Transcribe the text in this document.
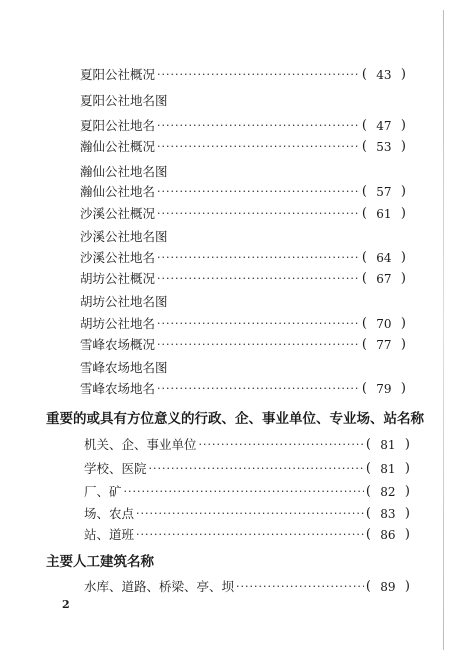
夏阳公社概况 ·····	( 43 )
夏阳公社地名图
夏阳公社地名 ·····	( 47 )
瀚仙公社概况 ·····	( 53 )
瀚仙公社地名图
瀚仙公社地名 ·····	( 57 )
沙溪公社概况 ·····	( 61 )
沙溪公社地名图
沙溪公社地名 ·····	( 64 )
胡坊公社概况 ·····	( 67 )
胡坊公社地名图
胡坊公社地名 ·····	( 70 )
雪峰农场概况 ·····	( 77 )
雪峰农场地名图
雪峰农场地名 ·····	( 79 )
重要的或具有方位意义的行政、企、事业单位、专业场、站名称
机关、企、事业单位 ·····	( 81 )
学校、医院 ·····	( 81 )
厂、矿 ·····	( 82 )
场、农点 ·····	( 83 )
站、道班 ·····	( 86 )
主要人工建筑名称
水库、道路、桥梁、亭、坝 ·····	( 89 )
2
